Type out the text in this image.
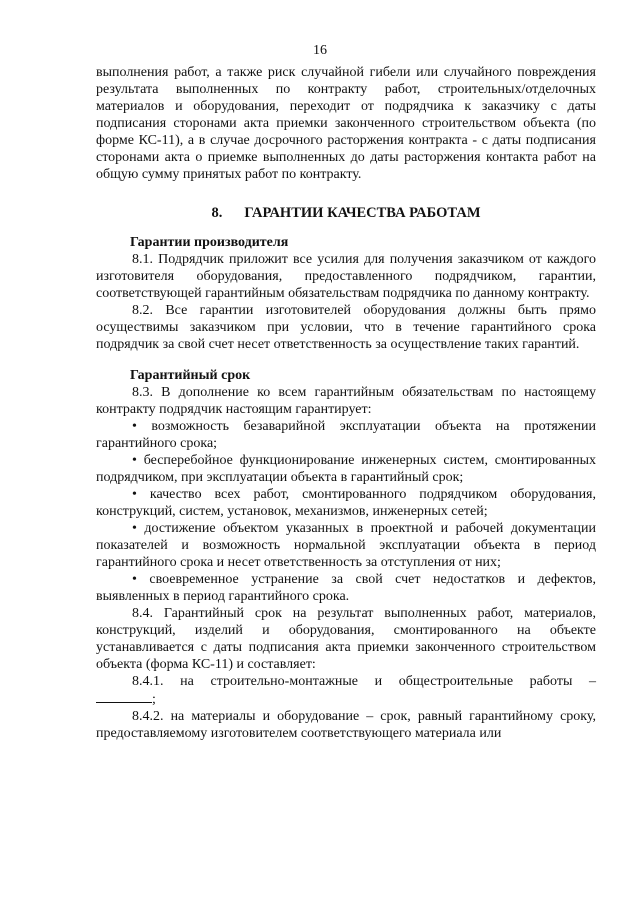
16

выполнения работ, а также риск случайной гибели или случайного повреждения результата выполненных по контракту работ, строительных/отделочных материалов и оборудования, переходит от подрядчика к заказчику с даты подписания сторонами акта приемки законченного строительством объекта (по форме КС-11), а в случае досрочного расторжения контракта - с даты подписания сторонами акта о приемке выполненных до даты расторжения контакта работ на общую сумму принятых работ по контракту.

8. ГАРАНТИИ КАЧЕСТВА РАБОТАМ

Гарантии производителя

8.1. Подрядчик приложит все усилия для получения заказчиком от каждого изготовителя оборудования, предоставленного подрядчиком, гарантии, соответствующей гарантийным обязательствам подрядчика по данному контракту.

8.2. Все гарантии изготовителей оборудования должны быть прямо осуществимы заказчиком при условии, что в течение гарантийного срока подрядчик за свой счет несет ответственность за осуществление таких гарантий.

Гарантийный срок

8.3. В дополнение ко всем гарантийным обязательствам по настоящему контракту подрядчик настоящим гарантирует:

• возможность безаварийной эксплуатации объекта на протяжении гарантийного срока;

• бесперебойное функционирование инженерных систем, смонтированных подрядчиком, при эксплуатации объекта в гарантийный срок;

• качество всех работ, смонтированного подрядчиком оборудования, конструкций, систем, установок, механизмов, инженерных сетей;

• достижение объектом указанных в проектной и рабочей документации показателей и возможность нормальной эксплуатации объекта в период гарантийного срока и несет ответственность за отступления от них;

• своевременное устранение за свой счет недостатков и дефектов, выявленных в период гарантийного срока.

8.4. Гарантийный срок на результат выполненных работ, материалов, конструкций, изделий и оборудования, смонтированного на объекте устанавливается с даты подписания акта приемки законченного строительством объекта (форма КС-11) и составляет:

8.4.1. на строительно-монтажные и общестроительные работы –

;

8.4.2. на материалы и оборудование – срок, равный гарантийному сроку, предоставляемому изготовителем соответствующего материала или
